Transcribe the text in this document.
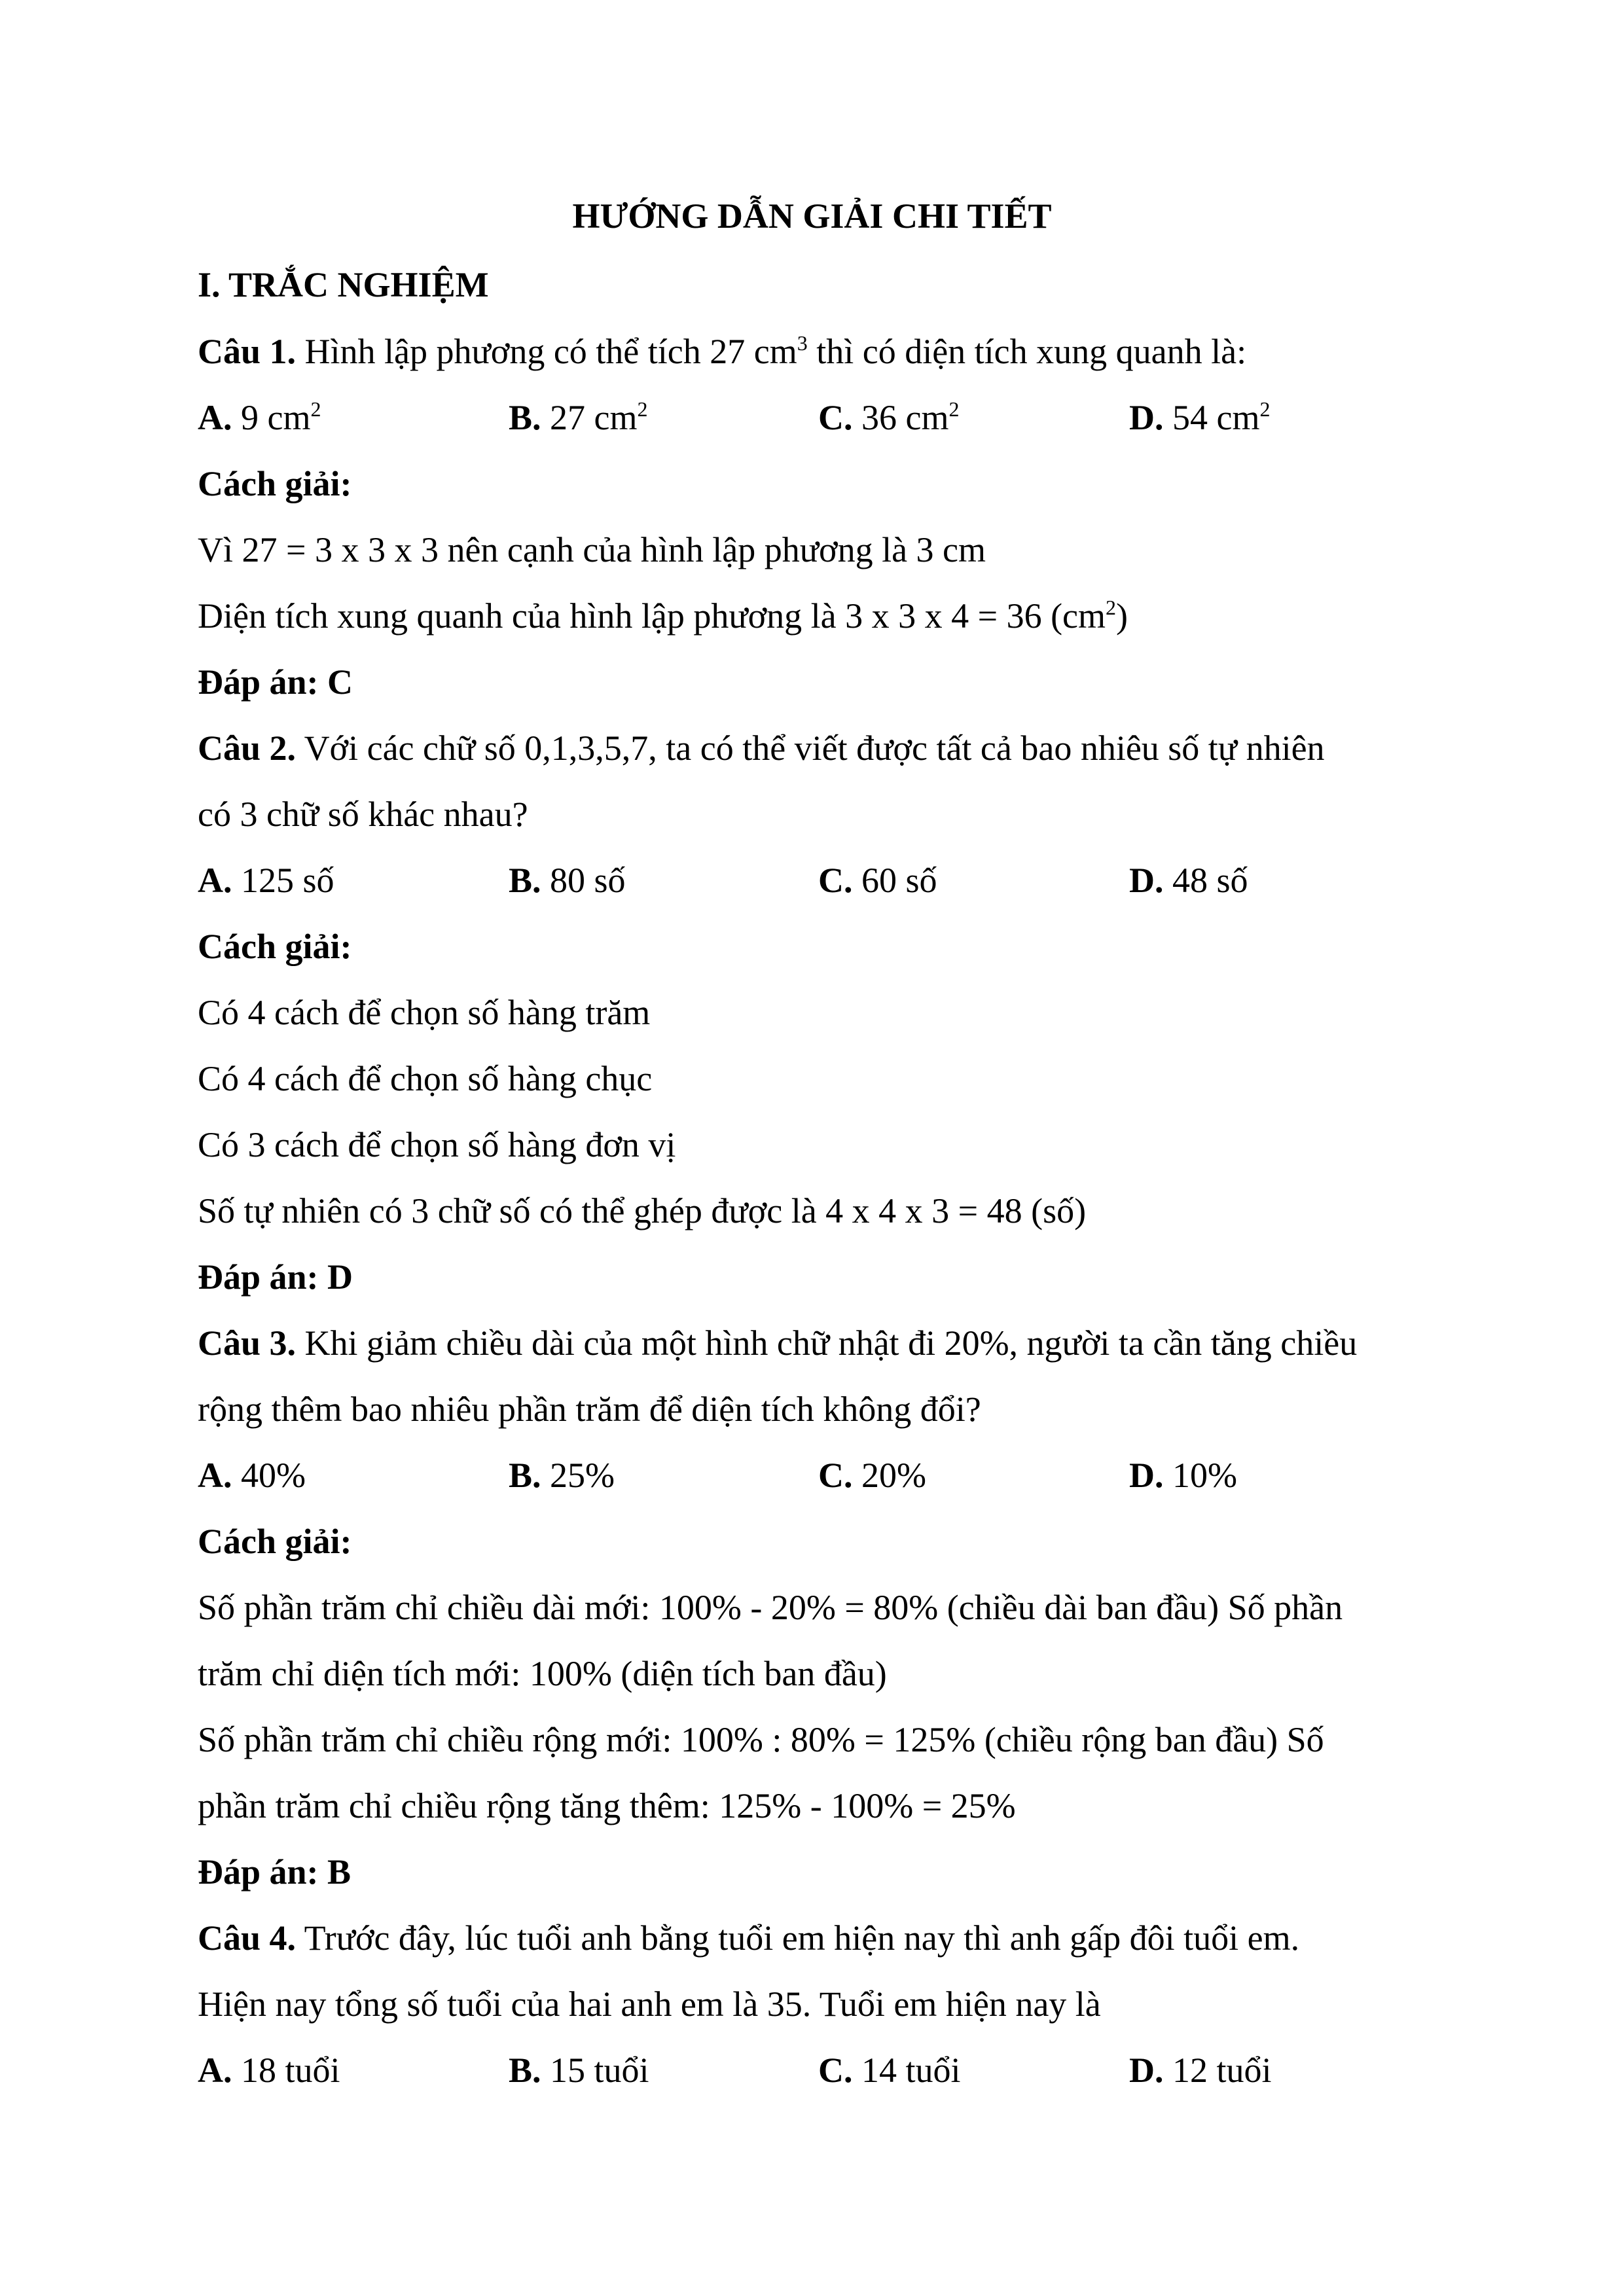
HƯỚNG DẪN GIẢI CHI TIẾT
I. TRẮC NGHIỆM
Câu 1. Hình lập phương có thể tích 27 $cm^3$ thì có diện tích xung quanh là:
A. 9 $cm^2$	B. 27 $cm^2$	C. 36 $cm^2$	D. 54 $cm^2$
Cách giải:
Vì 27 = 3 x 3 x 3 nên cạnh của hình lập phương là 3 cm
Diện tích xung quanh của hình lập phương là 3 x 3 x 4 = 36 $(cm^2)$
Đáp án: C
Câu 2. Với các chữ số 0,1,3,5,7, ta có thể viết được tất cả bao nhiêu số tự nhiên
có 3 chữ số khác nhau?
A. 125 số	B. 80 số	C. 60 số	D. 48 số
Cách giải:
Có 4 cách để chọn số hàng trăm
Có 4 cách để chọn số hàng chục
Có 3 cách để chọn số hàng đơn vị
Số tự nhiên có 3 chữ số có thể ghép được là 4 x 4 x 3 = 48 (số)
Đáp án: D
Câu 3. Khi giảm chiều dài của một hình chữ nhật đi 20%, người ta cần tăng chiều
rộng thêm bao nhiêu phần trăm để diện tích không đổi?
A. 40%	B. 25%	C. 20%	D. 10%
Cách giải:
Số phần trăm chỉ chiều dài mới: 100% - 20% = 80% (chiều dài ban đầu) Số phần
trăm chỉ diện tích mới: 100% (diện tích ban đầu)
Số phần trăm chỉ chiều rộng mới: 100% : 80% = 125% (chiều rộng ban đầu) Số
phần trăm chỉ chiều rộng tăng thêm: 125% - 100% = 25%
Đáp án: B
Câu 4. Trước đây, lúc tuổi anh bằng tuổi em hiện nay thì anh gấp đôi tuổi em.
Hiện nay tổng số tuổi của hai anh em là 35. Tuổi em hiện nay là
A. 18 tuổi	B. 15 tuổi	C. 14 tuổi	D. 12 tuổi
